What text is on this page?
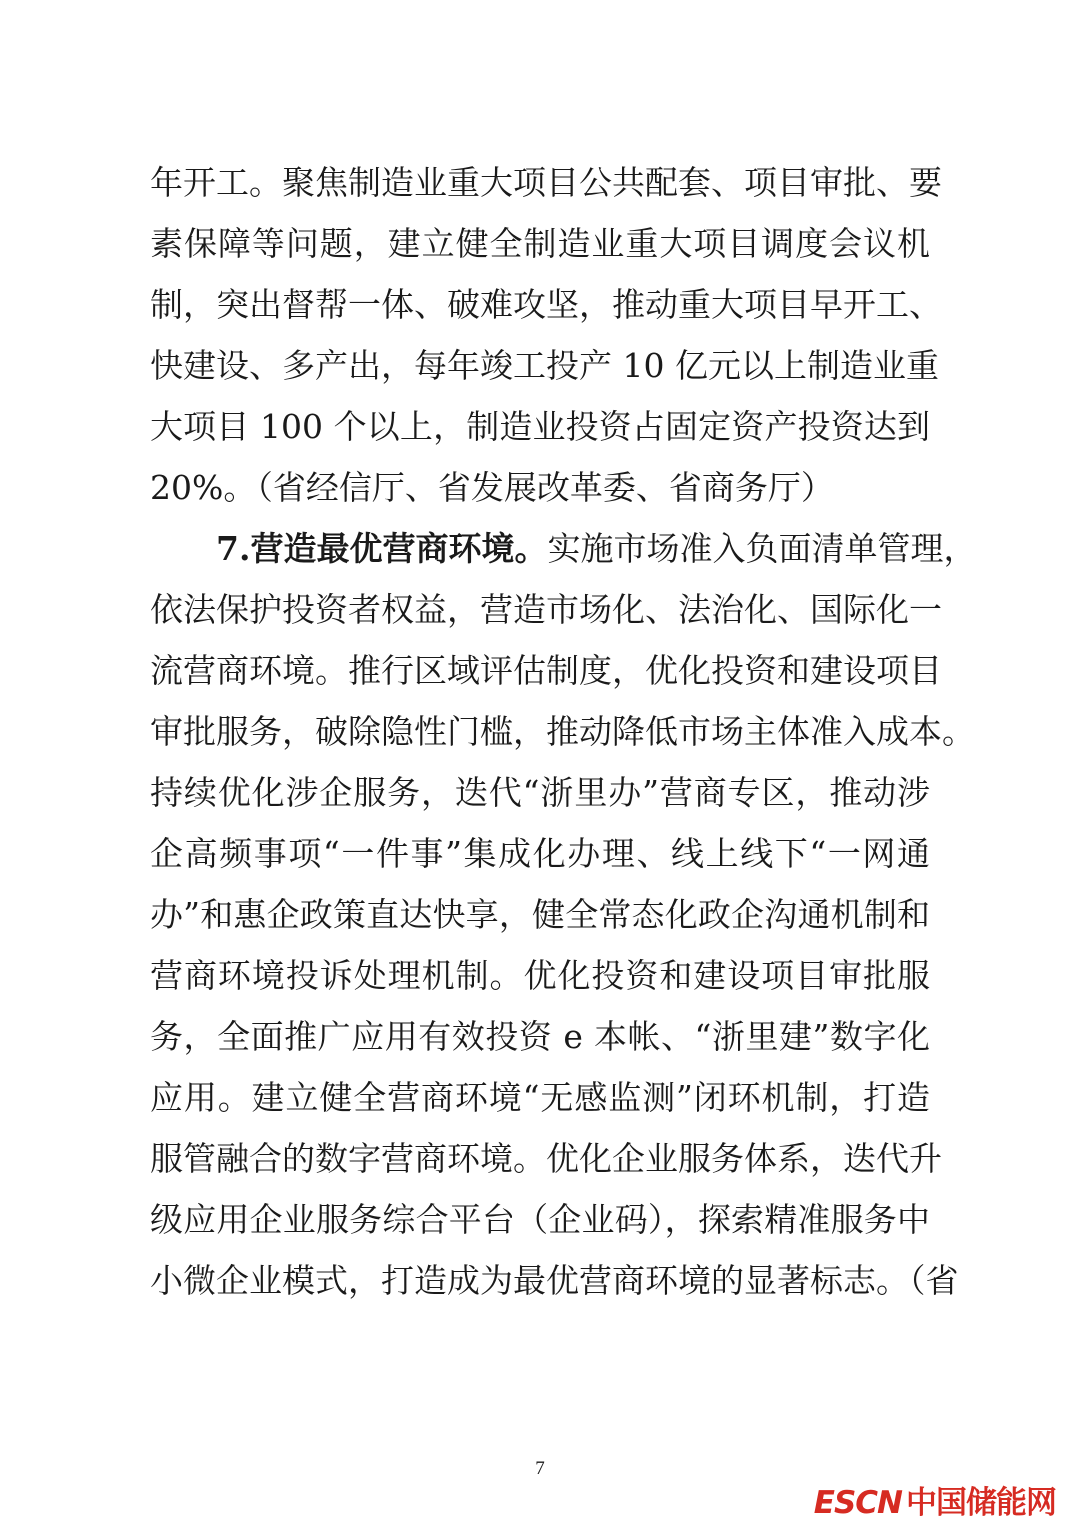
年开工。聚焦制造业重大项目公共配套、项目审批、要
素保障等问题，建立健全制造业重大项目调度会议机
制，突出督帮一体、破难攻坚，推动重大项目早开工、
快建设、多产出，每年竣工投产 10 亿元以上制造业重
大项目 100 个以上，制造业投资占固定资产投资达到
20%。（省经信厅、省发展改革委、省商务厅）
7.营造最优营商环境。实施市场准入负面清单管理，
依法保护投资者权益，营造市场化、法治化、国际化一
流营商环境。推行区域评估制度，优化投资和建设项目
审批服务，破除隐性门槛，推动降低市场主体准入成本。
持续优化涉企服务，迭代“浙里办”营商专区，推动涉
企高频事项“一件事”集成化办理、线上线下“一网通
办”和惠企政策直达快享，健全常态化政企沟通机制和
营商环境投诉处理机制。优化投资和建设项目审批服
务，全面推广应用有效投资 e 本帐、“浙里建”数字化
应用。建立健全营商环境“无感监测”闭环机制，打造
服管融合的数字营商环境。优化企业服务体系，迭代升
级应用企业服务综合平台（企业码），探索精准服务中
小微企业模式，打造成为最优营商环境的显著标志。（省
7
ESCN 中国储能网
